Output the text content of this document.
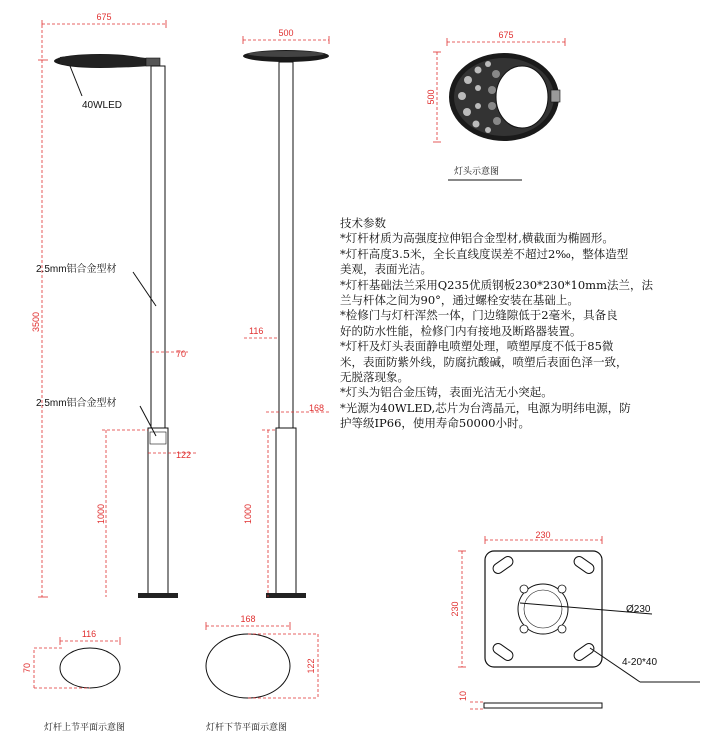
675
40WLED
3500
2.5mm铝合金型材
70
2.5mm铝合金型材
122
1000
500
116
168
1000
675
500
灯头示意图
230
230	Ø230
4-20*40
10
116
70
灯杆上节平面示意图
168
122
灯杆下节平面示意图
技术参数
*灯杆材质为高强度拉伸铝合金型材,横截面为椭圆形。
*灯杆高度3.5米，全长直线度误差不超过2‰，整体造型
美观，表面光洁。
*灯杆基础法兰采用Q235优质钢板230*230*10mm法兰，法
兰与杆体之间为90°，通过螺栓安装在基础上。
*检修门与灯杆浑然一体，门边缝隙低于2毫米，具备良
好的防水性能，检修门内有接地及断路器装置。
*灯杆及灯头表面静电喷塑处理，喷塑厚度不低于85微
米，表面防紫外线，防腐抗酸碱，喷塑后表面色泽一致，
无脱落现象。
*灯头为铝合金压铸，表面光洁无小突起。
*光源为40WLED,芯片为台湾晶元，电源为明纬电源，防
护等级IP66，使用寿命50000小时。
